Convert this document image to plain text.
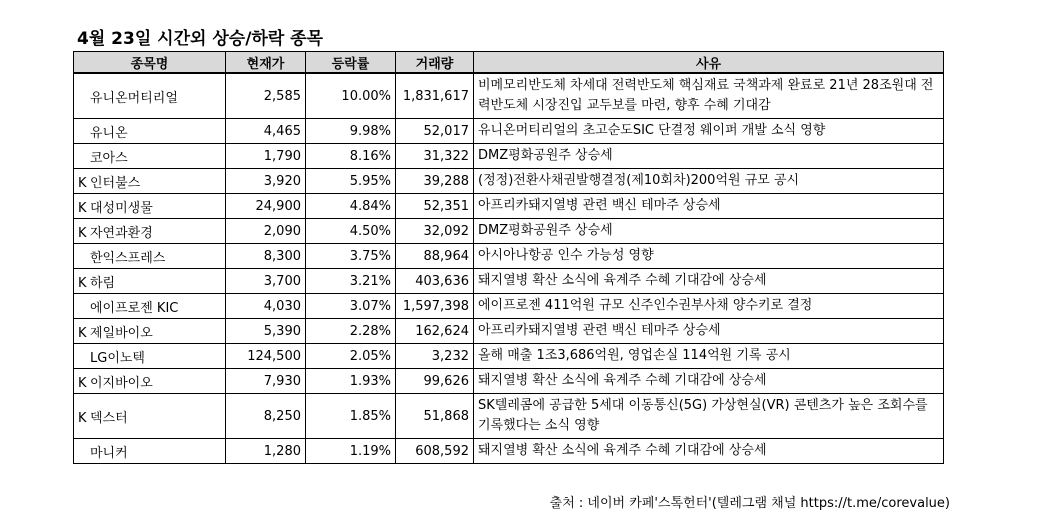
4월 23일 시간외 상승/하락 종목
종목명	현재가	등락률	거래량	사유
유니온머티리얼	2,585	10.00%	1,831,617	비메모리반도체 차세대 전력반도체 핵심재료 국책과제 완료로 21년 28조원대 전력반도체 시장진입 교두보를 마련, 향후 수혜 기대감
유니온	4,465	9.98%	52,017	유니온머티리얼의 초고순도SIC 단결정 웨이퍼 개발 소식 영향
코아스	1,790	8.16%	31,322	DMZ평화공원주 상승세
K 인터불스	3,920	5.95%	39,288	(정정)전환사채권발행결정(제10회차)200억원 규모 공시
K 대성미생물	24,900	4.84%	52,351	아프리카돼지열병 관련 백신 테마주 상승세
K 자연과환경	2,090	4.50%	32,092	DMZ평화공원주 상승세
한익스프레스	8,300	3.75%	88,964	아시아나항공 인수 가능성 영향
K 하림	3,700	3.21%	403,636	돼지열병 확산 소식에 육계주 수혜 기대감에 상승세
에이프로젠 KIC	4,030	3.07%	1,597,398	에이프로젠 411억원 규모 신주인수권부사채 양수키로 결정
K 제일바이오	5,390	2.28%	162,624	아프리카돼지열병 관련 백신 테마주 상승세
LG이노텍	124,500	2.05%	3,232	올해 매출 1조3,686억원, 영업손실 114억원 기록 공시
K 이지바이오	7,930	1.93%	99,626	돼지열병 확산 소식에 육계주 수혜 기대감에 상승세
K 덱스터	8,250	1.85%	51,868	SK텔레콤에 공급한 5세대 이동통신(5G) 가상현실(VR) 콘텐츠가 높은 조회수를 기록했다는 소식 영향
마니커	1,280	1.19%	608,592	돼지열병 확산 소식에 육계주 수혜 기대감에 상승세
출처 : 네이버 카페'스톡헌터'(텔레그램 채널 https://t.me/corevalue)
